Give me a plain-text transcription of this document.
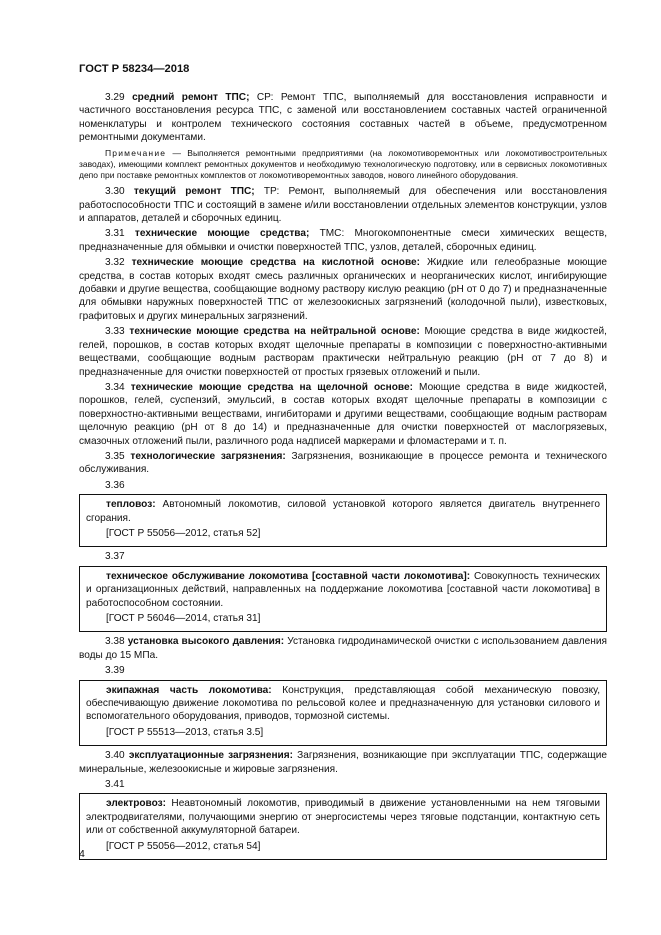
ГОСТ Р 58234—2018

3.29 средний ремонт ТПС; СР: Ремонт ТПС, выполняемый для восстановления исправности и частичного восстановления ресурса ТПС, с заменой или восстановлением составных частей ограниченной номенклатуры и контролем технического состояния составных частей в объеме, предусмотренном ремонтными документами.

Примечание — Выполняется ремонтными предприятиями (на локомотиворемонтных или локомотивостроительных заводах), имеющими комплект ремонтных документов и необходимую технологическую подготовку, или в сервисных локомотивных депо при поставке ремонтных комплектов от локомотиворемонтных заводов, нового линейного оборудования.

3.30 текущий ремонт ТПС; ТР: Ремонт, выполняемый для обеспечения или восстановления работоспособности ТПС и состоящий в замене и/или восстановлении отдельных элементов конструкции, узлов и аппаратов, деталей и сборочных единиц.

3.31 технические моющие средства; ТМС: Многокомпонентные смеси химических веществ, предназначенные для обмывки и очистки поверхностей ТПС, узлов, деталей, сборочных единиц.

3.32 технические моющие средства на кислотной основе: Жидкие или гелеобразные моющие средства, в состав которых входят смесь различных органических и неорганических кислот, ингибирующие добавки и другие вещества, сообщающие водному раствору кислую реакцию (pH от 0 до 7) и предназначенные для обмывки наружных поверхностей ТПС от железоокисных загрязнений (колодочной пыли), известковых, графитовых и других минеральных загрязнений.

3.33 технические моющие средства на нейтральной основе: Моющие средства в виде жидкостей, гелей, порошков, в состав которых входят щелочные препараты в композиции с поверхностно-активными веществами, сообщающие водным растворам практически нейтральную реакцию (pH от 7 до 8) и предназначенные для очистки поверхностей от простых грязевых отложений и пыли.

3.34 технические моющие средства на щелочной основе: Моющие средства в виде жидкостей, порошков, гелей, суспензий, эмульсий, в состав которых входят щелочные препараты в композиции с поверхностно-активными веществами, ингибиторами и другими веществами, сообщающие водным растворам щелочную реакцию (pH от 8 до 14) и предназначенные для очистки поверхностей от маслогрязевых, смазочных отложений пыли, различного рода надписей маркерами и фломастерами и т. п.

3.35 технологические загрязнения: Загрязнения, возникающие в процессе ремонта и технического обслуживания.

3.36

тепловоз: Автономный локомотив, силовой установкой которого является двигатель внутреннего сгорания.

[ГОСТ Р 55056—2012, статья 52]

3.37

техническое обслуживание локомотива [составной части локомотива]: Совокупность технических и организационных действий, направленных на поддержание локомотива [составной части локомотива] в работоспособном состоянии.

[ГОСТ Р 56046—2014, статья 31]

3.38 установка высокого давления: Установка гидродинамической очистки с использованием давления воды до 15 МПа.

3.39

экипажная часть локомотива: Конструкция, представляющая собой механическую повозку, обеспечивающую движение локомотива по рельсовой колее и предназначенную для установки силового и вспомогательного оборудования, приводов, тормозной системы.

[ГОСТ Р 55513—2013, статья 3.5]

3.40 эксплуатационные загрязнения: Загрязнения, возникающие при эксплуатации ТПС, содержащие минеральные, железоокисные и жировые загрязнения.

3.41

электровоз: Неавтономный локомотив, приводимый в движение установленными на нем тяговыми электродвигателями, получающими энергию от энергосистемы через тяговые подстанции, контактную сеть или от собственной аккумуляторной батареи.

[ГОСТ Р 55056—2012, статья 54]

4
